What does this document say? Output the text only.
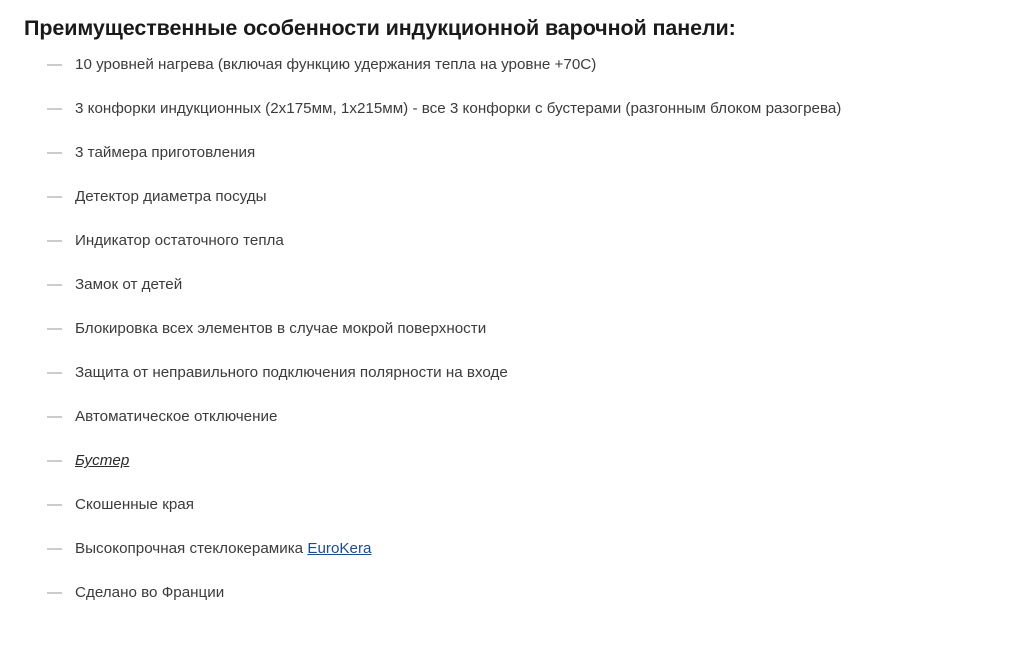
Преимущественные особенности индукционной варочной панели:
— 10 уровней нагрева (включая функцию удержания тепла на уровне +70С)
— 3 конфорки индукционных (2х175мм, 1х215мм) - все 3 конфорки с бустерами (разгонным блоком разогрева)
— 3 таймера приготовления
— Детектор диаметра посуды
— Индикатор остаточного тепла
— Замок от детей
— Блокировка всех элементов в случае мокрой поверхности
— Защита от неправильного подключения полярности на входе
— Автоматическое отключение
— Бустер
— Скошенные края
— Высокопрочная стеклокерамика EuroKera
— Сделано во Франции
